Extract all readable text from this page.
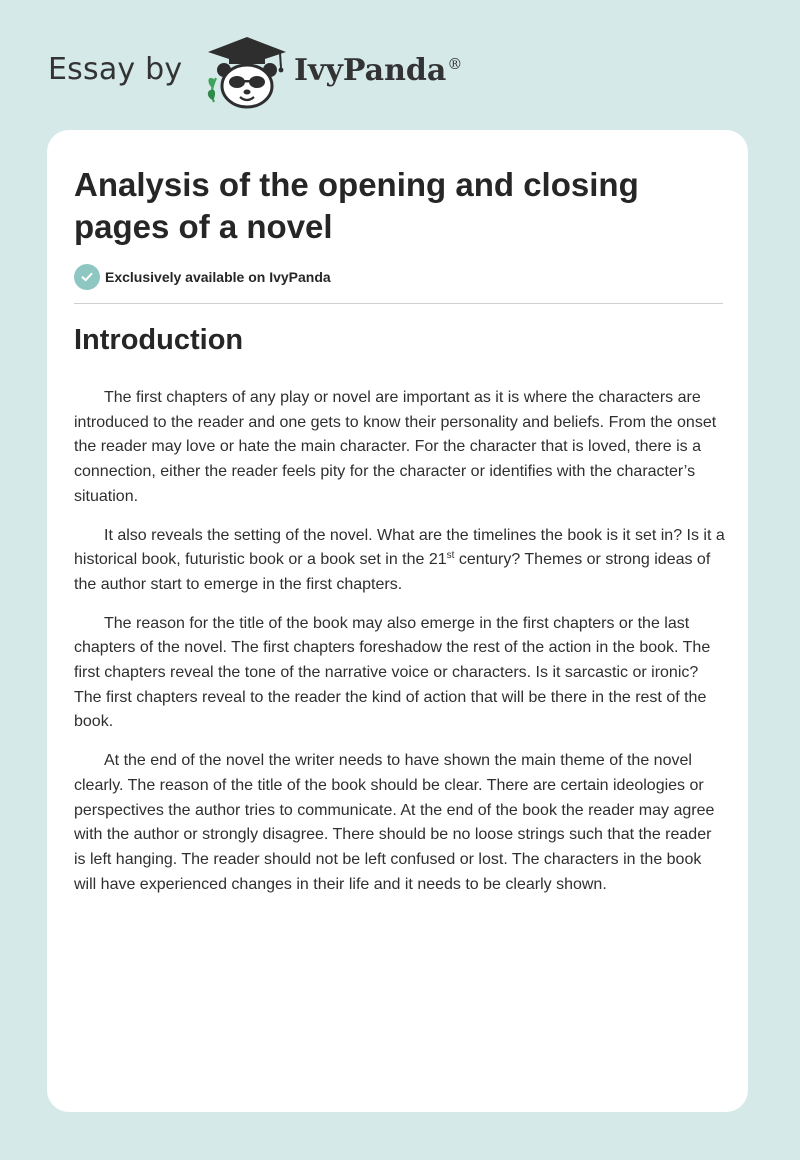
Essay by	IvyPanda®
Analysis of the opening and closing pages of a novel
Exclusively available on IvyPanda
Introduction

The first chapters of any play or novel are important as it is where the characters are introduced to the reader and one gets to know their personality and beliefs. From the onset the reader may love or hate the main character. For the character that is loved, there is a connection, either the reader feels pity for the character or identifies with the character’s situation.

It also reveals the setting of the novel. What are the timelines the book is it set in? Is it a historical book, futuristic book or a book set in the 21st century? Themes or strong ideas of the author start to emerge in the first chapters.

The reason for the title of the book may also emerge in the first chapters or the last chapters of the novel. The first chapters foreshadow the rest of the action in the book. The first chapters reveal the tone of the narrative voice or characters. Is it sarcastic or ironic? The first chapters reveal to the reader the kind of action that will be there in the rest of the book.

At the end of the novel the writer needs to have shown the main theme of the novel clearly. The reason of the title of the book should be clear. There are certain ideologies or perspectives the author tries to communicate. At the end of the book the reader may agree with the author or strongly disagree. There should be no loose strings such that the reader is left hanging. The reader should not be left confused or lost. The characters in the book will have experienced changes in their life and it needs to be clearly shown.
